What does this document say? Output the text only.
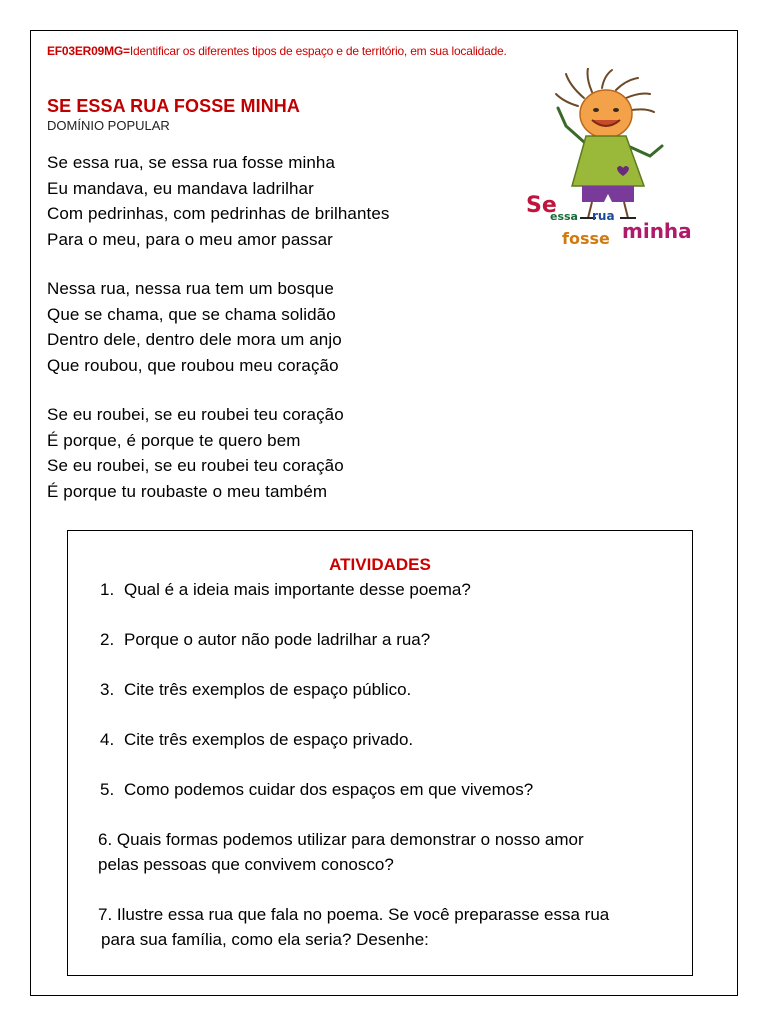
EF03ER09MG=Identificar os diferentes tipos de espaço e de território, em sua localidade.
SE ESSA RUA FOSSE MINHA
DOMÍNIO POPULAR
Se essa rua, se essa rua fosse minha
Eu mandava, eu mandava ladrilhar
Com pedrinhas, com pedrinhas de brilhantes
Para o meu, para o meu amor passar
Nessa rua, nessa rua tem um bosque
Que se chama, que se chama solidão
Dentro dele, dentro dele mora um anjo
Que roubou, que roubou meu coração
Se eu roubei, se eu roubei teu coração
É porque, é porque te quero bem
Se eu roubei, se eu roubei teu coração
É porque tu roubaste o meu também
Se
essa rua
fosse minha
ATIVIDADES
1. Qual é a ideia mais importante desse poema?
2. Porque o autor não pode ladrilhar a rua?
3. Cite três exemplos de espaço público.
4. Cite três exemplos de espaço privado.
5. Como podemos cuidar dos espaços em que vivemos?
6. Quais formas podemos utilizar para demonstrar o nosso amor
pelas pessoas que convivem conosco?
7. Ilustre essa rua que fala no poema. Se você preparasse essa rua
para sua família, como ela seria? Desenhe:
